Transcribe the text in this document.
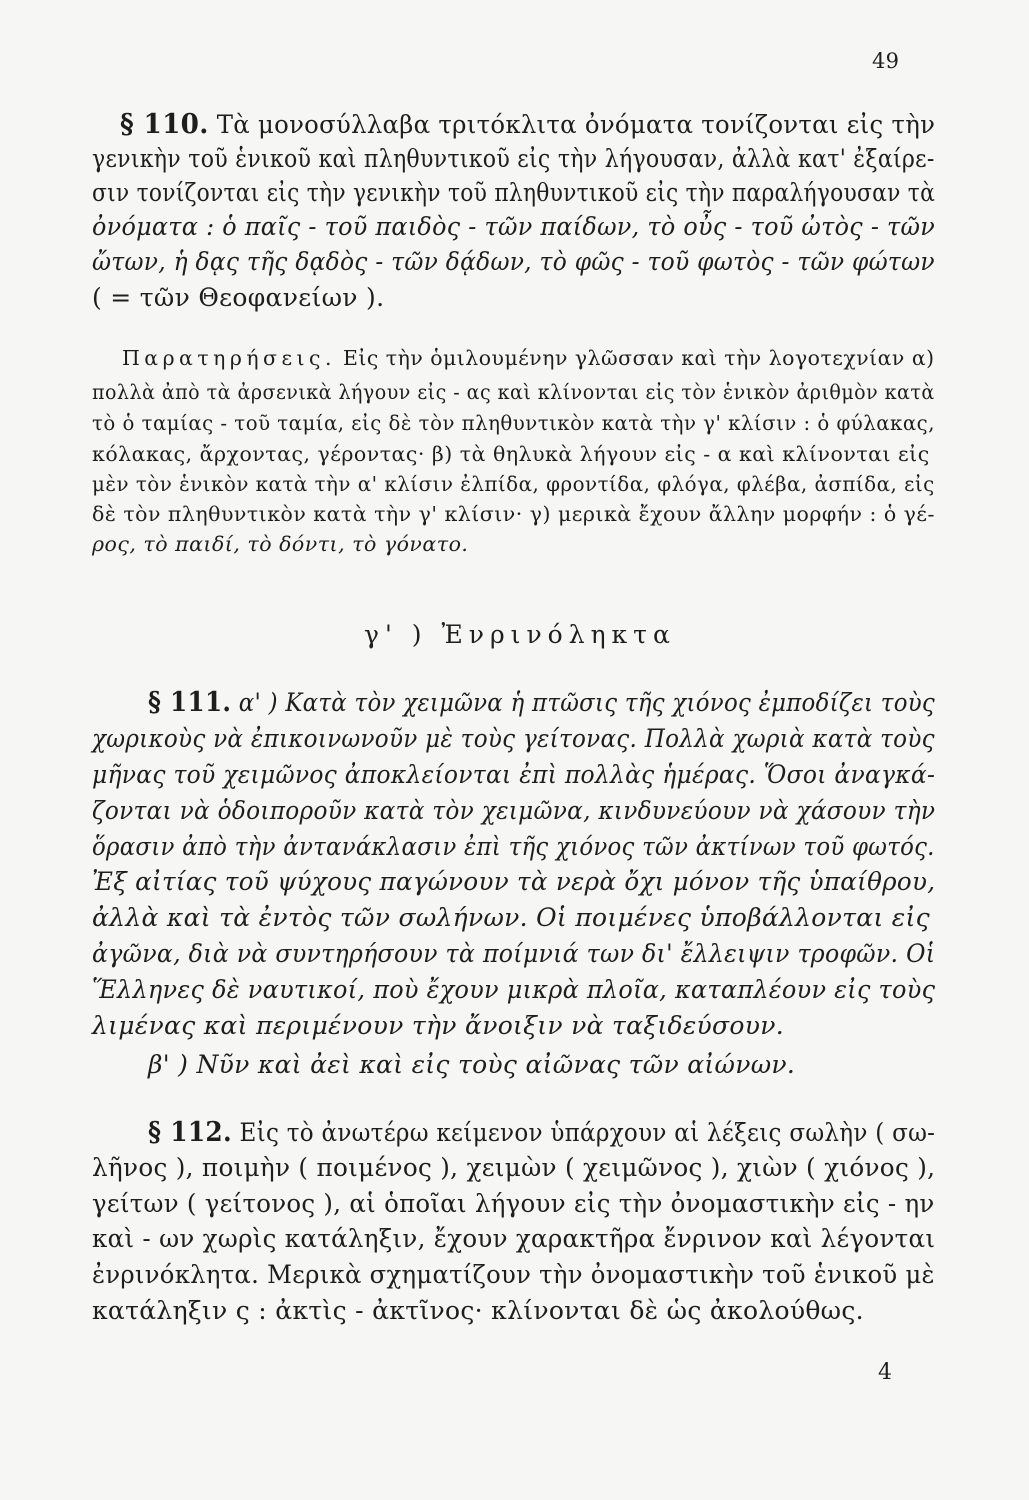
49
§ 110. Τὰ μονοσύλλαβα τριτόκλιτα ὀνόματα τονίζονται εἰς τὴν
γενικὴν τοῦ ἑνικοῦ καὶ πληθυντικοῦ εἰς τὴν λήγουσαν, ἀλλὰ κατ' ἐξαίρε-
σιν τονίζονται εἰς τὴν γενικὴν τοῦ πληθυντικοῦ εἰς τὴν παραλήγουσαν τὰ
ὀνόματα : ὁ παῖς - τοῦ παιδὸς - τῶν παίδων, τὸ οὖς - τοῦ ὠτὸς - τῶν
ὤτων, ἡ δᾳς τῆς δᾳδὸς - τῶν δᾴδων, τὸ φῶς - τοῦ φωτὸς - τῶν φώτων
( = τῶν Θεοφανείων ).
Παρατηρήσεις. Εἰς τὴν ὁμιλουμένην γλῶσσαν καὶ τὴν λογοτεχνίαν α)
πολλὰ ἀπὸ τὰ ἀρσενικὰ λήγουν εἰς - ας καὶ κλίνονται εἰς τὸν ἑνικὸν ἀριθμὸν κατὰ
τὸ ὁ ταμίας - τοῦ ταμία, εἰς δὲ τὸν πληθυντικὸν κατὰ τὴν γ' κλίσιν : ὁ φύλακας,
κόλακας, ἄρχοντας, γέροντας· β) τὰ θηλυκὰ λήγουν εἰς - α καὶ κλίνονται εἰς
μὲν τὸν ἑνικὸν κατὰ τὴν α' κλίσιν ἐλπίδα, φροντίδα, φλόγα, φλέβα, ἀσπίδα, εἰς
δὲ τὸν πληθυντικὸν κατὰ τὴν γ' κλίσιν· γ) μερικὰ ἔχουν ἄλλην μορφήν : ὁ γέ-
ρος, τὸ παιδί, τὸ δόντι, τὸ γόνατο.
γ' ) Ἐνρινόληκτα
§ 111. α' ) Κατὰ τὸν χειμῶνα ἡ πτῶσις τῆς χιόνος ἐμποδίζει τοὺς
χωρικοὺς νὰ ἐπικοινωνοῦν μὲ τοὺς γείτονας. Πολλὰ χωριὰ κατὰ τοὺς
μῆνας τοῦ χειμῶνος ἀποκλείονται ἐπὶ πολλὰς ἡμέρας. Ὅσοι ἀναγκά-
ζονται νὰ ὁδοιποροῦν κατὰ τὸν χειμῶνα, κινδυνεύουν νὰ χάσουν τὴν
ὅρασιν ἀπὸ τὴν ἀντανάκλασιν ἐπὶ τῆς χιόνος τῶν ἀκτίνων τοῦ φωτός.
Ἐξ αἰτίας τοῦ ψύχους παγώνουν τὰ νερὰ ὄχι μόνον τῆς ὑπαίθρου,
ἀλλὰ καὶ τὰ ἐντὸς τῶν σωλήνων. Οἱ ποιμένες ὑποβάλλονται εἰς
ἀγῶνα, διὰ νὰ συντηρήσουν τὰ ποίμνιά των δι' ἔλλειψιν τροφῶν. Οἱ
Ἕλληνες δὲ ναυτικοί, ποὺ ἔχουν μικρὰ πλοῖα, καταπλέουν εἰς τοὺς
λιμένας καὶ περιμένουν τὴν ἄνοιξιν νὰ ταξιδεύσουν.
β' ) Νῦν καὶ ἀεὶ καὶ εἰς τοὺς αἰῶνας τῶν αἰώνων.
§ 112. Εἰς τὸ ἀνωτέρω κείμενον ὑπάρχουν αἱ λέξεις σωλὴν ( σω-
λῆνος ), ποιμὴν ( ποιμένος ), χειμὼν ( χειμῶνος ), χιὼν ( χιόνος ),
γείτων ( γείτονος ), αἱ ὁποῖαι λήγουν εἰς τὴν ὀνομαστικὴν εἰς - ην
καὶ - ων χωρὶς κατάληξιν, ἔχουν χαρακτῆρα ἔνρινον καὶ λέγονται
ἐνρινόκλητα. Μερικὰ σχηματίζουν τὴν ὀνομαστικὴν τοῦ ἑνικοῦ μὲ
κατάληξιν ς : ἀκτὶς - ἀκτῖνος· κλίνονται δὲ ὡς ἀκολούθως.
4
